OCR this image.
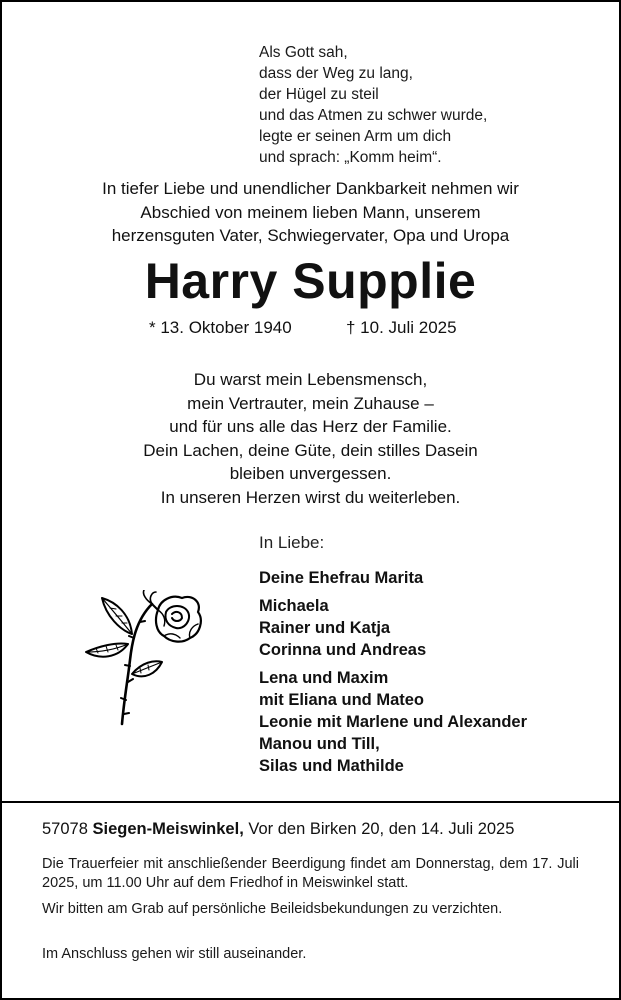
Als Gott sah,
dass der Weg zu lang,
der Hügel zu steil
und das Atmen zu schwer wurde,
legte er seinen Arm um dich
und sprach: „Komm heim“.
In tiefer Liebe und unendlicher Dankbarkeit nehmen wir
Abschied von meinem lieben Mann, unserem
herzensguten Vater, Schwiegervater, Opa und Uropa
Harry Supplie
* 13. Oktober 1940	† 10. Juli 2025
Du warst mein Lebensmensch,
mein Vertrauter, mein Zuhause –
und für uns alle das Herz der Familie.
Dein Lachen, deine Güte, dein stilles Dasein
bleiben unvergessen.
In unseren Herzen wirst du weiterleben.
In Liebe:
Deine Ehefrau Marita
Michaela
Rainer und Katja
Corinna und Andreas
Lena und Maxim
mit Eliana und Mateo
Leonie mit Marlene und Alexander
Manou und Till,
Silas und Mathilde
57078 Siegen-Meiswinkel, Vor den Birken 20, den 14. Juli 2025
Die Trauerfeier mit anschließender Beerdigung findet am Donnerstag, dem 17. Juli 2025, um 11.00 Uhr auf dem Friedhof in Meiswinkel statt.
Wir bitten am Grab auf persönliche Beileidsbekundungen zu verzichten.
Im Anschluss gehen wir still auseinander.
